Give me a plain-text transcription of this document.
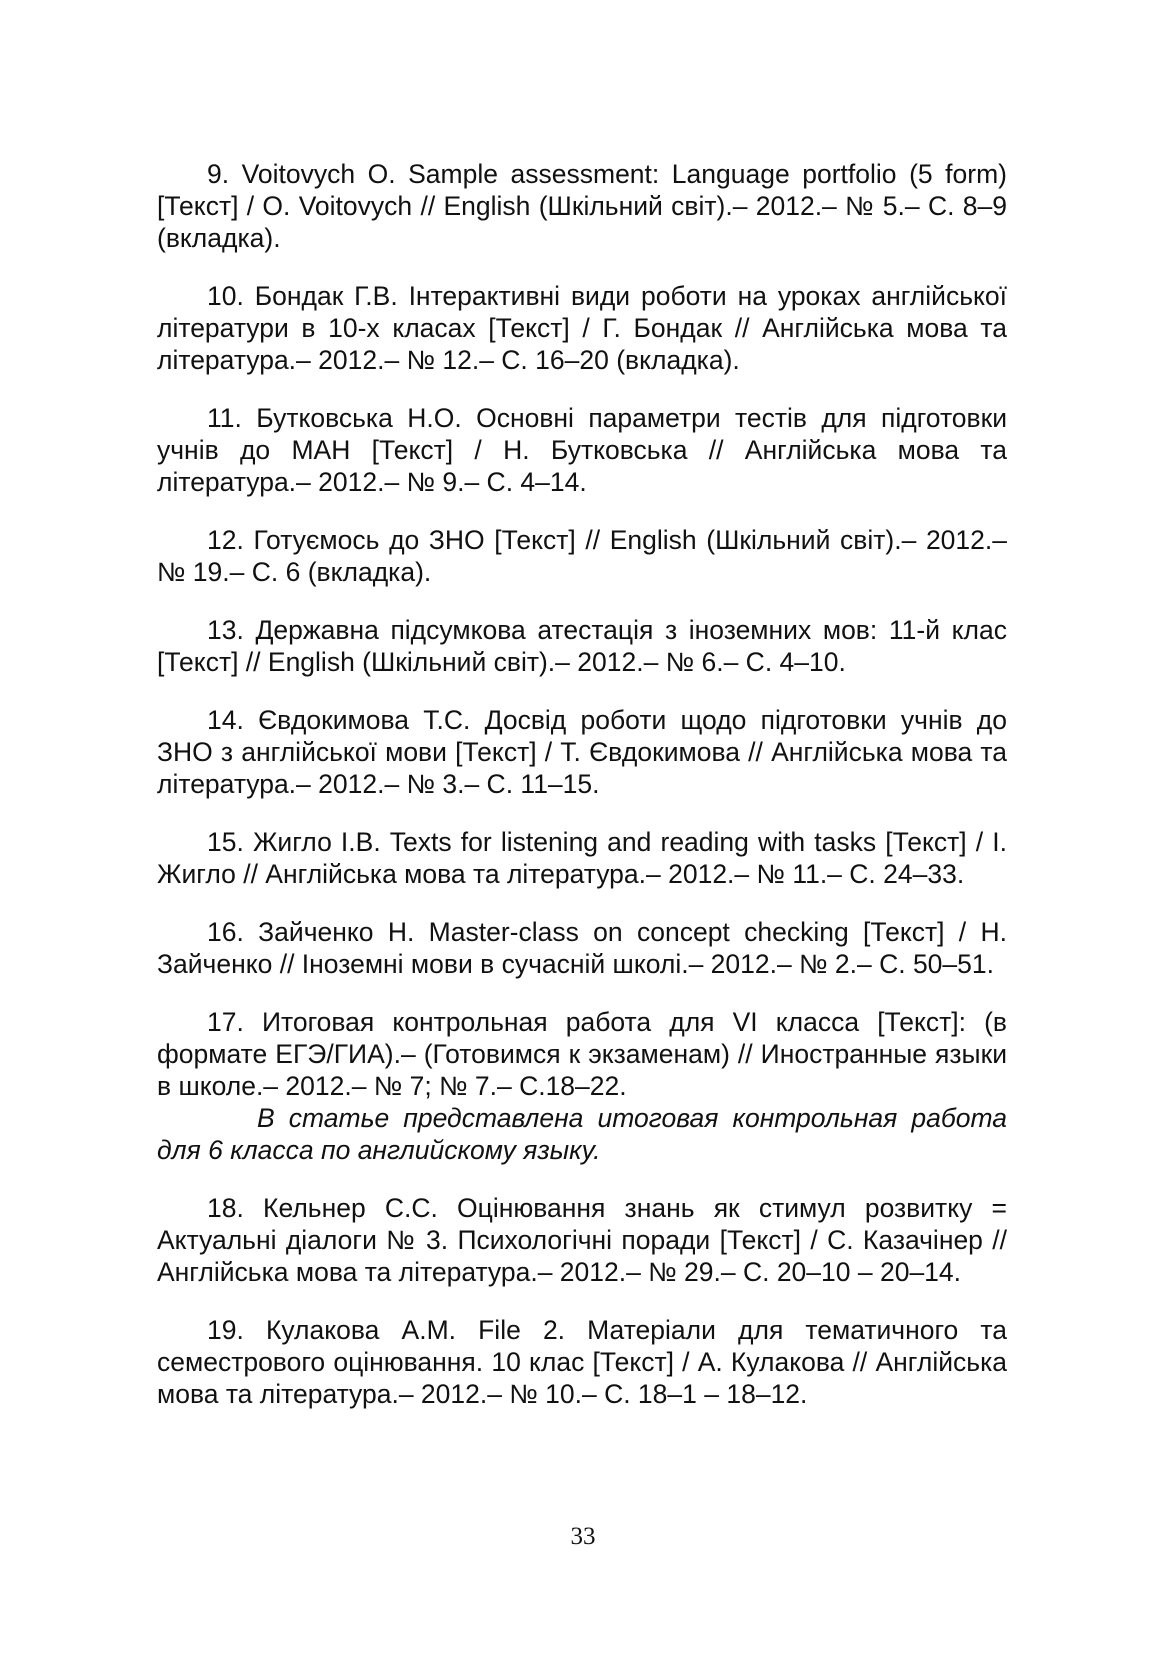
9. Voitovych O. Sample assessment: Language portfolio (5 form) [Текст] / O. Voitovych // English (Шкільний світ).– 2012.– № 5.– С. 8–9 (вкладка).

10. Бондак Г.В. Інтерактивні види роботи на уроках англійської літератури в 10-х класах [Текст] / Г. Бондак // Англійська мова та література.– 2012.– № 12.– С. 16–20 (вкладка).

11. Бутковська Н.О. Основні параметри тестів для підготовки учнів до МАН [Текст] / Н. Бутковська // Англійська мова та література.– 2012.– № 9.– С. 4–14.

12. Готуємось до ЗНО [Текст] // English (Шкільний світ).– 2012.– № 19.– С. 6 (вкладка).

13. Державна підсумкова атестація з іноземних мов: 11-й клас [Текст] // English (Шкільний світ).– 2012.– № 6.– С. 4–10.

14. Євдокимова Т.С. Досвід роботи щодо підготовки учнів до ЗНО з англійської мови [Текст] / Т. Євдокимова // Англійська мова та література.– 2012.– № 3.– С. 11–15.

15. Жигло І.В. Texts for listening and reading with tasks [Текст] / І. Жигло // Англійська мова та література.– 2012.– № 11.– С. 24–33.

16. Зайченко Н. Master-class on concept checking [Текст] / Н. Зайченко // Іноземні мови в сучасній школі.– 2012.– № 2.– С. 50–51.

17. Итоговая контрольная работа для VI класса [Текст]: (в формате ЕГЭ/ГИА).– (Готовимся к экзаменам) // Иностранные языки в школе.– 2012.– № 7; № 7.– С.18–22.

В статье представлена итоговая контрольная работа для 6 класса по английскому языку.

18. Кельнер С.С. Оцінювання знань як стимул розвитку = Актуальні діалоги № 3. Психологічні поради [Текст] / С. Казачінер // Англійська мова та література.– 2012.– № 29.– С. 20–10 – 20–14.

19. Кулакова А.М. File 2. Матеріали для тематичного та семестрового оцінювання. 10 клас [Текст] / А. Кулакова // Англійська мова та література.– 2012.– № 10.– С. 18–1 – 18–12.

33
